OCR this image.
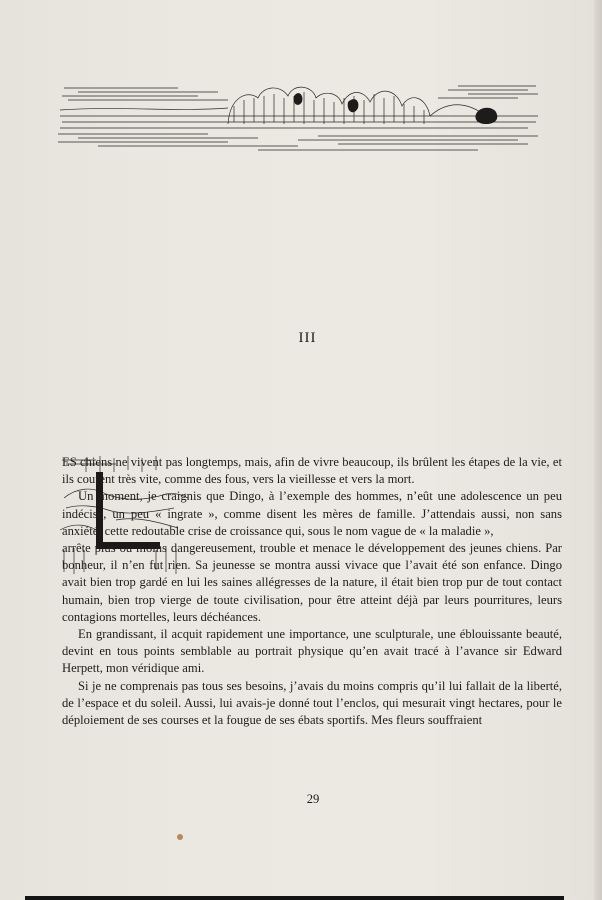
III

ES chiens ne vivent pas longtemps, mais, afin de vivre beaucoup, ils brûlent les étapes de la vie, et ils courent très vite, comme des fous, vers la vieillesse et vers la mort.

Un moment, je craignis que Dingo, à l’exemple des hommes, n’eût une adolescence un peu indécise, un peu « ingrate », comme disent les mères de famille. J’attendais aussi, non sans anxiété, cette redoutable crise de croissance qui, sous le nom vague de « la maladie »,

arrête plus ou moins dangereusement, trouble et menace le développement des jeunes chiens. Par bonheur, il n’en fut rien. Sa jeunesse se montra aussi vivace que l’avait été son enfance. Dingo avait bien trop gardé en lui les saines allégresses de la nature, il était bien trop pur de tout contact humain, bien trop vierge de toute civilisation, pour être atteint déjà par leurs pourritures, leurs contagions mortelles, leurs déchéances.

En grandissant, il acquit rapidement une importance, une sculpturale, une éblouissante beauté, devint en tous points semblable au portrait physique qu’en avait tracé à l’avance sir Edward Herpett, mon véridique ami.

Si je ne comprenais pas tous ses besoins, j’avais du moins compris qu’il lui fallait de la liberté, de l’espace et du soleil. Aussi, lui avais-je donné tout l’enclos, qui mesurait vingt hectares, pour le déploiement de ses courses et la fougue de ses ébats sportifs. Mes fleurs souffraient

29
